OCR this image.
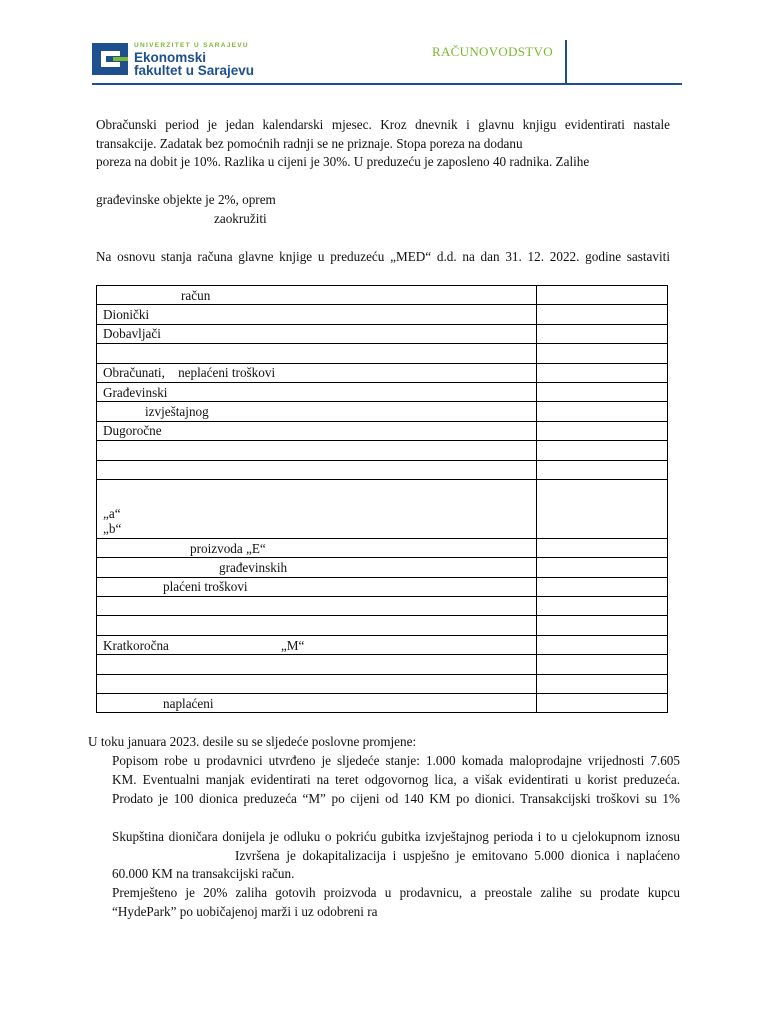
UNIVERZITET U SARAJEVU
Ekonomski
fakultet u Sarajevu
RAČUNOVODSTVO
Obračunski period je jedan kalendarski mjesec. Kroz dnevnik i glavnu knjigu evidentirati nastale
transakcije. Zadatak bez pomoćnih radnji se ne priznaje. Stopa poreza na dodanu
poreza na dobit je 10%. Razlika u cijeni je 30%. U preduzeću je zaposleno 40 radnika. Zalihe
građevinske objekte je 2%, oprem
zaokružiti
Na osnovu stanja računa glavne knjige u preduzeću „MED“ d.d. na dan 31. 12. 2022. godine sastaviti
račun	
Dionički	
Dobavljači	

Obračunati,    neplaćeni troškovi	
Građevinski	
izvještajnog	
Dugoročne	

„a“
„b“	

proizvoda „E“	
građevinskih	
plaćeni troškovi	

Kratkoročna „M“	

naplaćeni	
U toku januara 2023. desile su se sljedeće poslovne promjene:
Popisom robe u prodavnici utvrđeno je sljedeće stanje: 1.000 komada maloprodajne vrijednosti 7.605
KM. Eventualni manjak evidentirati na teret odgovornog lica, a višak evidentirati u korist preduzeća.
Prodato je 100 dionica preduzeća “M” po cijeni od 140 KM po dionici. Transakcijski troškovi su 1%
Skupština dioničara donijela je odluku o pokriću gubitka izvještajnog perioda i to u cjelokupnom iznosu
Izvršena je dokapitalizacija i uspješno je emitovano 5.000 dionica i naplaćeno
60.000 KM na transakcijski račun.
Premješteno je 20% zaliha gotovih proizvoda u prodavnicu, a preostale zalihe su prodate kupcu
“HydePark” po uobičajenoj marži i uz odobreni ra
